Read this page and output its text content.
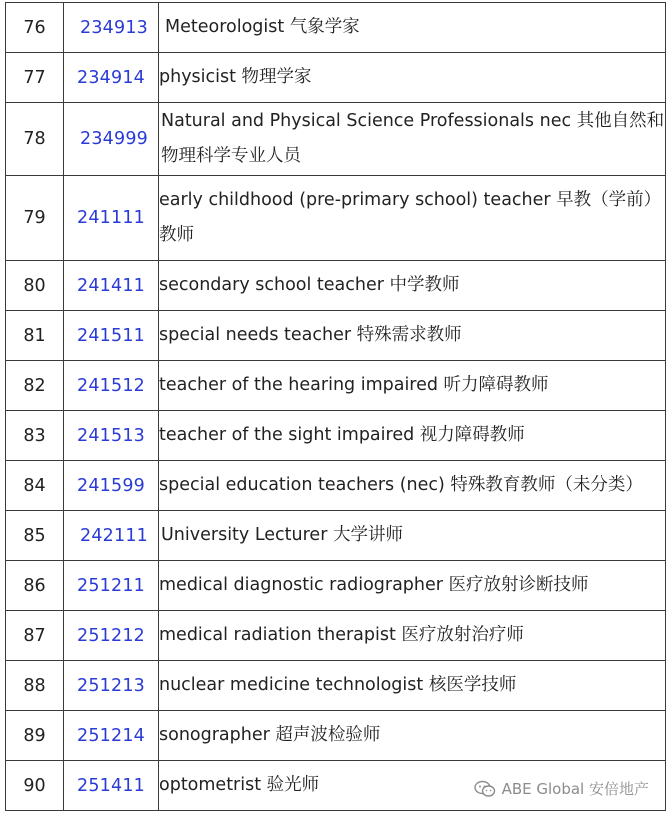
76	234913	Meteorologist 气象学家
77	234914	physicist 物理学家
78	234999	Natural and Physical Science Professionals nec 其他自然和物理科学专业人员
79	241111	early childhood (pre-primary school) teacher 早教（学前）教师
80	241411	secondary school teacher 中学教师
81	241511	special needs teacher 特殊需求教师
82	241512	teacher of the hearing impaired 听力障碍教师
83	241513	teacher of the sight impaired 视力障碍教师
84	241599	special education teachers (nec) 特殊教育教师（未分类）
85	242111	University Lecturer 大学讲师
86	251211	medical diagnostic radiographer 医疗放射诊断技师
87	251212	medical radiation therapist 医疗放射治疗师
88	251213	nuclear medicine technologist 核医学技师
89	251214	sonographer 超声波检验师
90	251411	optometrist 验光师	ABE Global 安倍地产
